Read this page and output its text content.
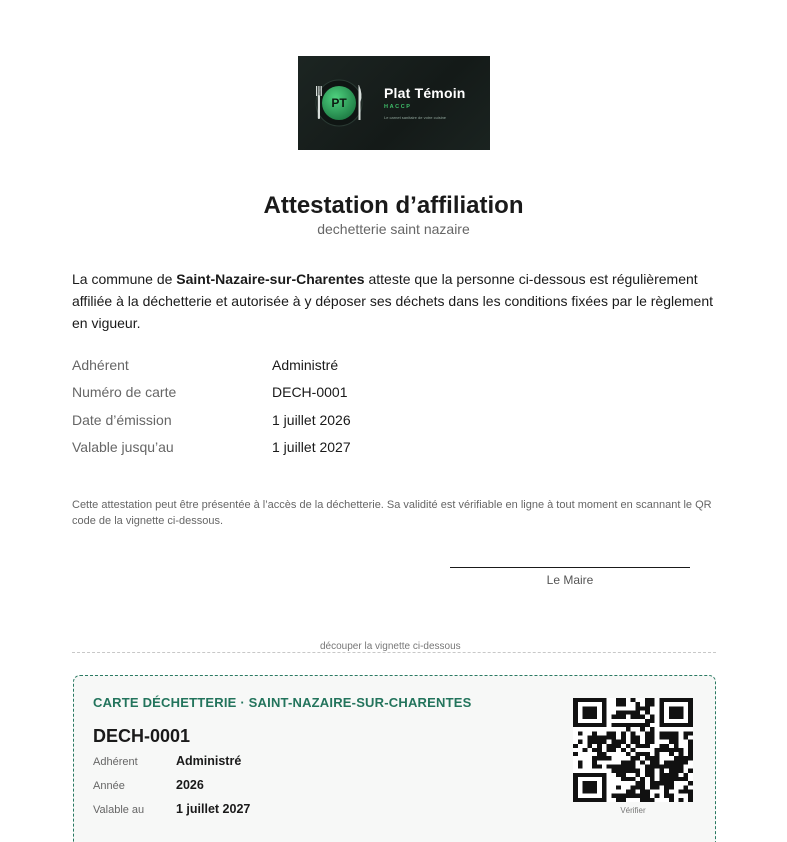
PT
Plat Témoin
HACCP
Le carnet sanitaire de votre cuisine
Attestation d’affiliation
dechetterie saint nazaire

La commune de Saint-Nazaire-sur-Charentes atteste que la personne ci-dessous est régulièrement affiliée à la déchetterie et autorisée à y déposer ses déchets dans les conditions fixées par le règlement en vigueur.

Adhérent	Administré
Numéro de carte	DECH-0001
Date d’émission	1 juillet 2026
Valable jusqu’au	1 juillet 2027

Cette attestation peut être présentée à l’accès de la déchetterie. Sa validité est vérifiable en ligne à tout moment en scannant le QR code de la vignette ci-dessous.

Le Maire
découper la vignette ci-dessous
CARTE DÉCHETTERIE · SAINT-NAZAIRE-SUR-CHARENTES
DECH-0001
Adhérent	Administré
Année	2026
Valable au	1 juillet 2027	Vérifier
